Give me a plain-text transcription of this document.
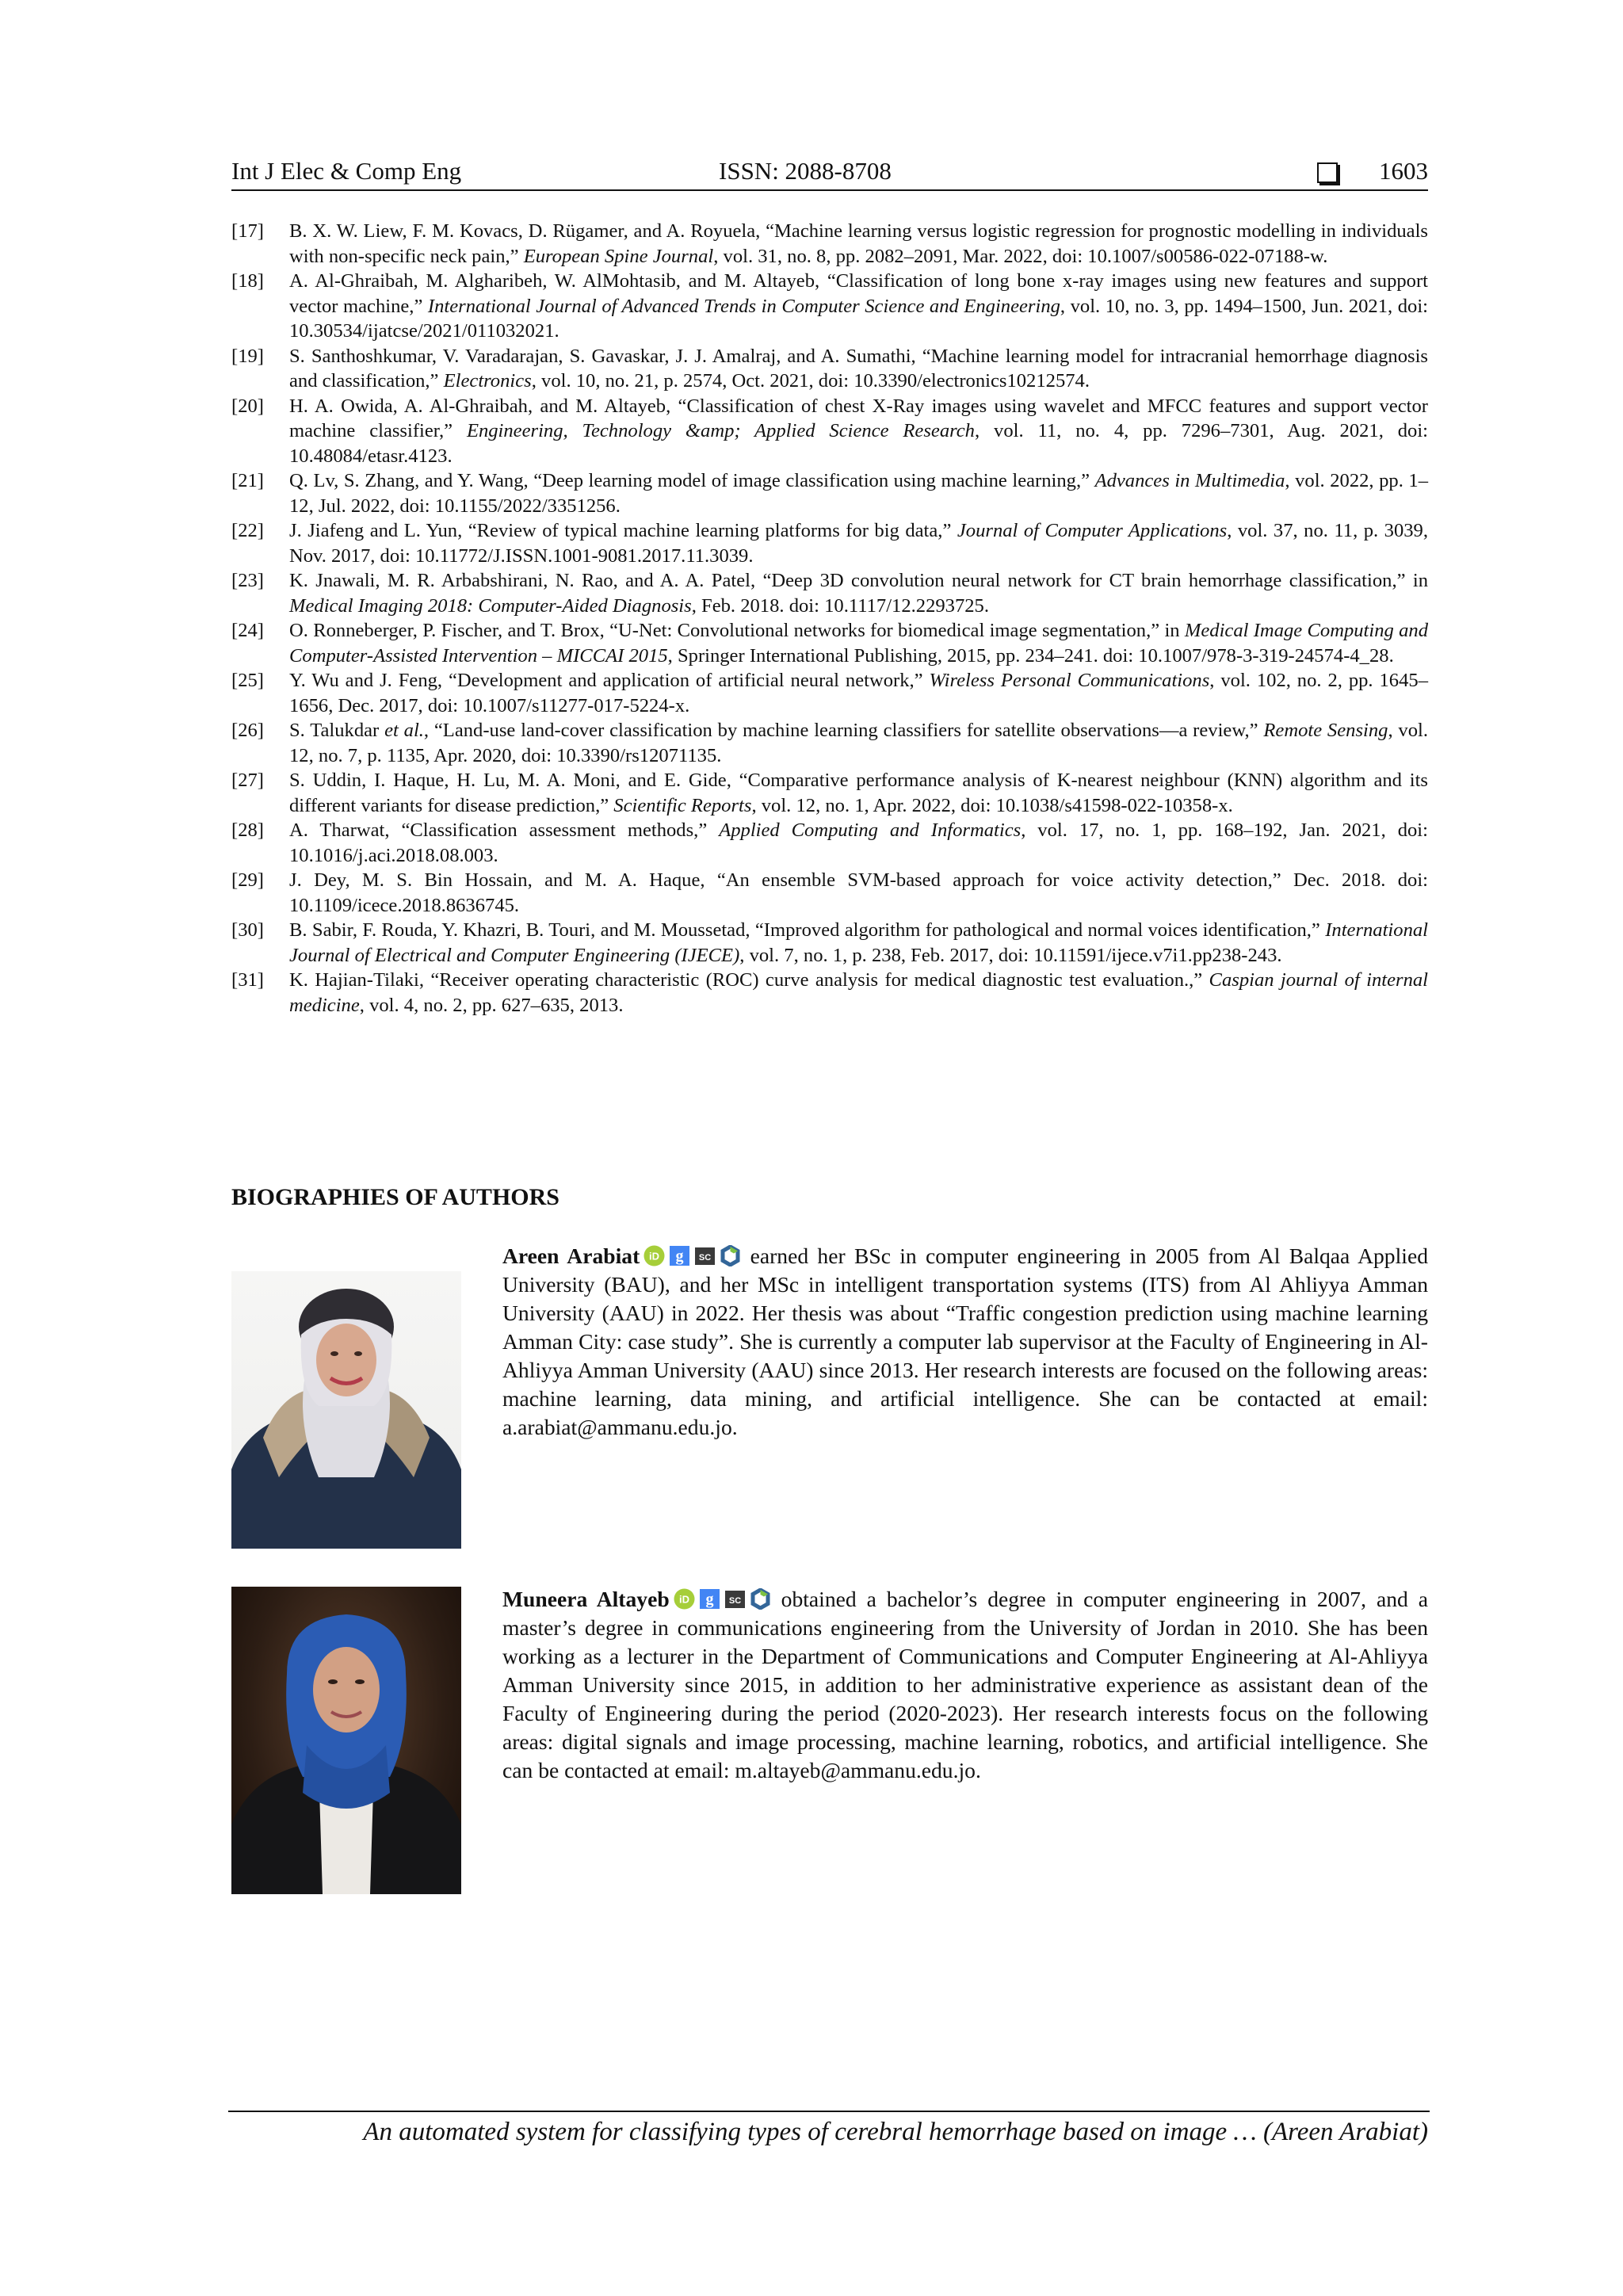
Int J Elec & Comp Eng	ISSN: 2088-8708	1603
[17] B. X. W. Liew, F. M. Kovacs, D. Rügamer, and A. Royuela, “Machine learning versus logistic regression for prognostic modelling in individuals with non-specific neck pain,” European Spine Journal, vol. 31, no. 8, pp. 2082–2091, Mar. 2022, doi: 10.1007/s00586-022-07188-w.
[18] A. Al-Ghraibah, M. Algharibeh, W. AlMohtasib, and M. Altayeb, “Classification of long bone x-ray images using new features and support vector machine,” International Journal of Advanced Trends in Computer Science and Engineering, vol. 10, no. 3, pp. 1494–1500, Jun. 2021, doi: 10.30534/ijatcse/2021/011032021.
[19] S. Santhoshkumar, V. Varadarajan, S. Gavaskar, J. J. Amalraj, and A. Sumathi, “Machine learning model for intracranial hemorrhage diagnosis and classification,” Electronics, vol. 10, no. 21, p. 2574, Oct. 2021, doi: 10.3390/electronics10212574.
[20] H. A. Owida, A. Al-Ghraibah, and M. Altayeb, “Classification of chest X-Ray images using wavelet and MFCC features and support vector machine classifier,” Engineering, Technology &amp; Applied Science Research, vol. 11, no. 4, pp. 7296–7301, Aug. 2021, doi: 10.48084/etasr.4123.
[21] Q. Lv, S. Zhang, and Y. Wang, “Deep learning model of image classification using machine learning,” Advances in Multimedia, vol. 2022, pp. 1–12, Jul. 2022, doi: 10.1155/2022/3351256.
[22] J. Jiafeng and L. Yun, “Review of typical machine learning platforms for big data,” Journal of Computer Applications, vol. 37, no. 11, p. 3039, Nov. 2017, doi: 10.11772/J.ISSN.1001-9081.2017.11.3039.
[23] K. Jnawali, M. R. Arbabshirani, N. Rao, and A. A. Patel, “Deep 3D convolution neural network for CT brain hemorrhage classification,” in Medical Imaging 2018: Computer-Aided Diagnosis, Feb. 2018. doi: 10.1117/12.2293725.
[24] O. Ronneberger, P. Fischer, and T. Brox, “U-Net: Convolutional networks for biomedical image segmentation,” in Medical Image Computing and Computer-Assisted Intervention – MICCAI 2015, Springer International Publishing, 2015, pp. 234–241. doi: 10.1007/978-3-319-24574-4_28.
[25] Y. Wu and J. Feng, “Development and application of artificial neural network,” Wireless Personal Communications, vol. 102, no. 2, pp. 1645–1656, Dec. 2017, doi: 10.1007/s11277-017-5224-x.
[26] S. Talukdar et al., “Land-use land-cover classification by machine learning classifiers for satellite observations—a review,” Remote Sensing, vol. 12, no. 7, p. 1135, Apr. 2020, doi: 10.3390/rs12071135.
[27] S. Uddin, I. Haque, H. Lu, M. A. Moni, and E. Gide, “Comparative performance analysis of K-nearest neighbour (KNN) algorithm and its different variants for disease prediction,” Scientific Reports, vol. 12, no. 1, Apr. 2022, doi: 10.1038/s41598-022-10358-x.
[28] A. Tharwat, “Classification assessment methods,” Applied Computing and Informatics, vol. 17, no. 1, pp. 168–192, Jan. 2021, doi: 10.1016/j.aci.2018.08.003.
[29] J. Dey, M. S. Bin Hossain, and M. A. Haque, “An ensemble SVM-based approach for voice activity detection,” Dec. 2018. doi: 10.1109/icece.2018.8636745.
[30] B. Sabir, F. Rouda, Y. Khazri, B. Touri, and M. Moussetad, “Improved algorithm for pathological and normal voices identification,” International Journal of Electrical and Computer Engineering (IJECE), vol. 7, no. 1, p. 238, Feb. 2017, doi: 10.11591/ijece.v7i1.pp238-243.
[31] K. Hajian-Tilaki, “Receiver operating characteristic (ROC) curve analysis for medical diagnostic test evaluation.,” Caspian journal of internal medicine, vol. 4, no. 2, pp. 627–635, 2013.
BIOGRAPHIES OF AUTHORS
Areen Arabiat iD g SC earned her BSc in computer engineering in 2005 from Al Balqaa Applied University (BAU), and her MSc in intelligent transportation systems (ITS) from Al Ahliyya Amman University (AAU) in 2022. Her thesis was about “Traffic congestion prediction using machine learning Amman City: case study”. She is currently a computer lab supervisor at the Faculty of Engineering in Al-Ahliyya Amman University (AAU) since 2013. Her research interests are focused on the following areas: machine learning, data mining, and artificial intelligence. She can be contacted at email: a.arabiat@ammanu.edu.jo.
Muneera Altayeb iD g SC obtained a bachelor’s degree in computer engineering in 2007, and a master’s degree in communications engineering from the University of Jordan in 2010. She has been working as a lecturer in the Department of Communications and Computer Engineering at Al-Ahliyya Amman University since 2015, in addition to her administrative experience as assistant dean of the Faculty of Engineering during the period (2020-2023). Her research interests focus on the following areas: digital signals and image processing, machine learning, robotics, and artificial intelligence. She can be contacted at email: m.altayeb@ammanu.edu.jo.
An automated system for classifying types of cerebral hemorrhage based on image … (Areen Arabiat)
